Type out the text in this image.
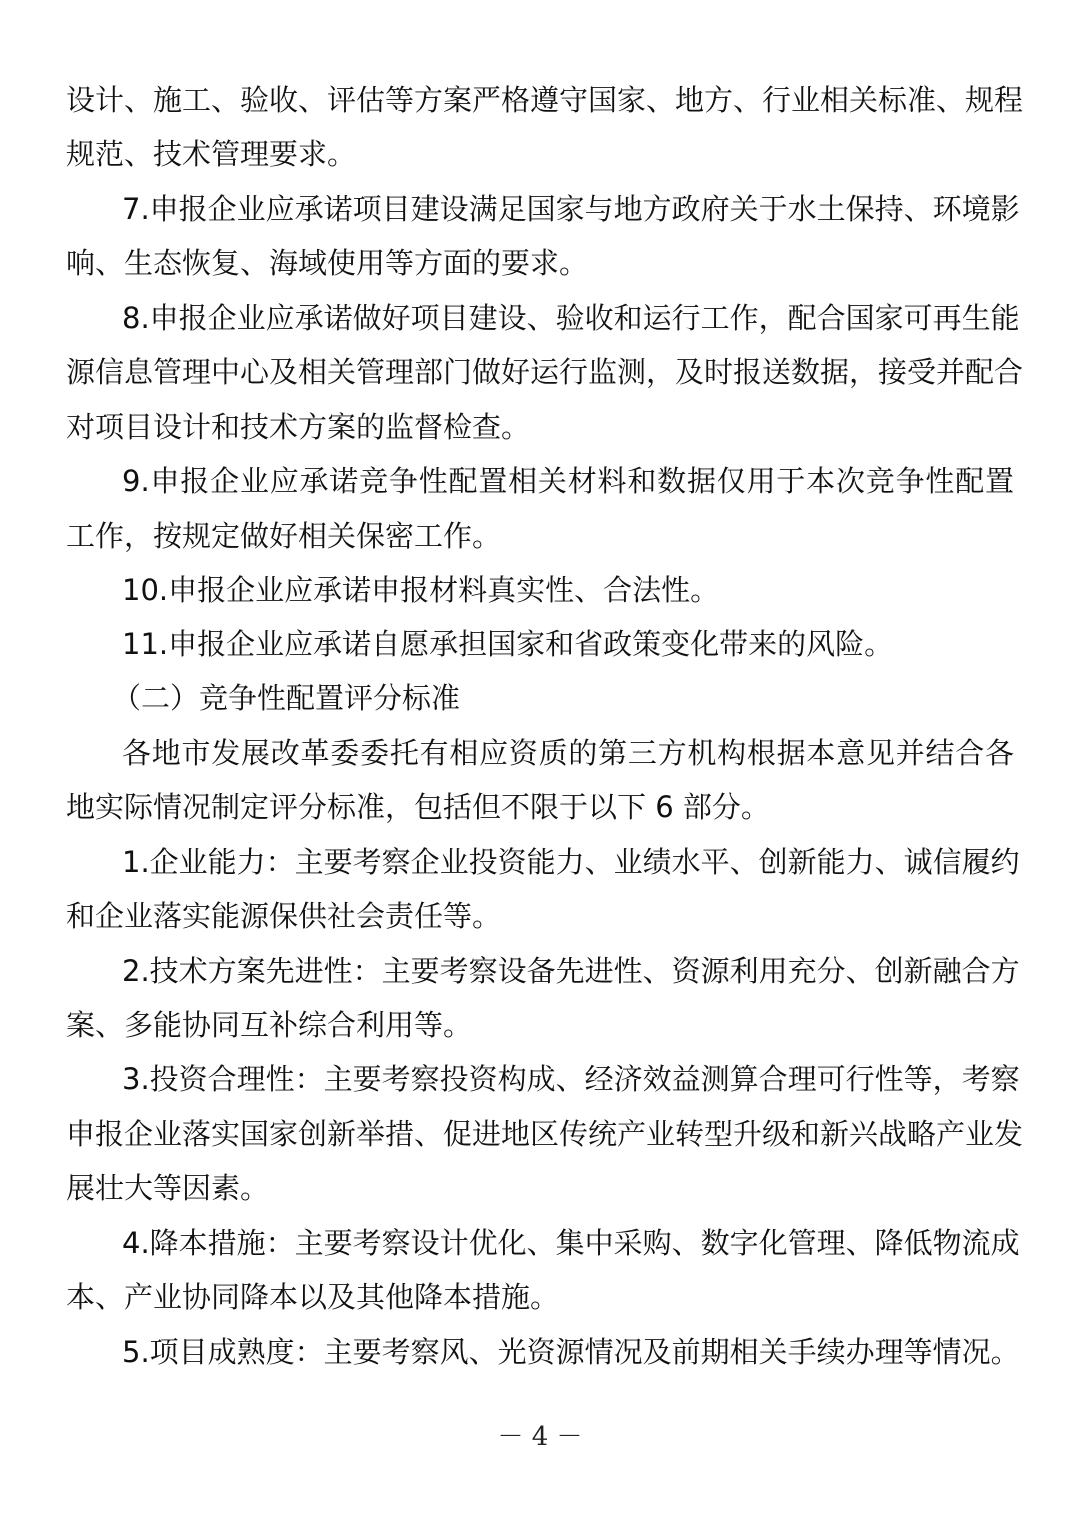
设计、施工、验收、评估等方案严格遵守国家、地方、行业相关标准、规程
规范、技术管理要求。
7.申报企业应承诺项目建设满足国家与地方政府关于水土保持、环境影
响、生态恢复、海域使用等方面的要求。
8.申报企业应承诺做好项目建设、验收和运行工作，配合国家可再生能
源信息管理中心及相关管理部门做好运行监测，及时报送数据，接受并配合
对项目设计和技术方案的监督检查。
9.申报企业应承诺竞争性配置相关材料和数据仅用于本次竞争性配置
工作，按规定做好相关保密工作。
10.申报企业应承诺申报材料真实性、合法性。
11.申报企业应承诺自愿承担国家和省政策变化带来的风险。
（二）竞争性配置评分标准
各地市发展改革委委托有相应资质的第三方机构根据本意见并结合各
地实际情况制定评分标准，包括但不限于以下 6 部分。
1.企业能力：主要考察企业投资能力、业绩水平、创新能力、诚信履约
和企业落实能源保供社会责任等。
2.技术方案先进性：主要考察设备先进性、资源利用充分、创新融合方
案、多能协同互补综合利用等。
3.投资合理性：主要考察投资构成、经济效益测算合理可行性等，考察
申报企业落实国家创新举措、促进地区传统产业转型升级和新兴战略产业发
展壮大等因素。
4.降本措施：主要考察设计优化、集中采购、数字化管理、降低物流成
本、产业协同降本以及其他降本措施。
5.项目成熟度：主要考察风、光资源情况及前期相关手续办理等情况。
－ 4 －
